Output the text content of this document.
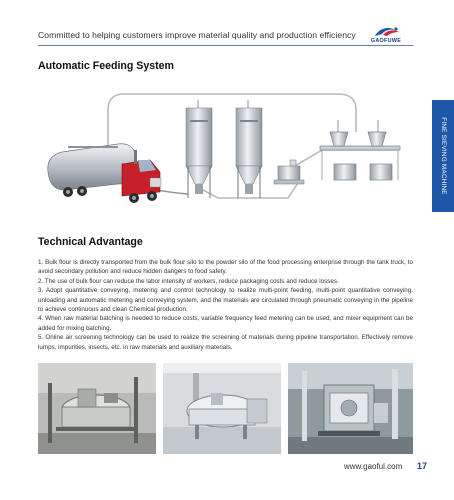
Committed to helping customers improve material quality and production efficiency
GAOFUWE
Automatic Feeding System
FINE SIEVING MACHINE
Technical Advantage

1. Bulk flour is directly transported from the bulk flour silo to the powder silo of the food processing enterprise through the tank truck, to avoid secondary pollution and reduce hidden dangers to food safety.

2. The use of bulk flour can reduce the labor intensity of workers, reduce packaging costs and reduce losses.

3. Adopt quantitative conveying, metering and control technology to realize multi-point feeding, multi-point quantitative conveying, unloading and automatic metering and conveying system, and the materials are circulated through pneumatic conveying in the pipeline to achieve continuous and clean Chemical production.

4. When raw material batching is needed to reduce costs, variable frequency feed metering can be used, and mixer equipment can be added for mixing batching.

5. Online air screening technology can be used to realize the screening of materials during pipeline transportation. Effectively remove lumps, impurities, insects, etc. in raw materials and auxiliary materials.

www.gaoful.com 17
